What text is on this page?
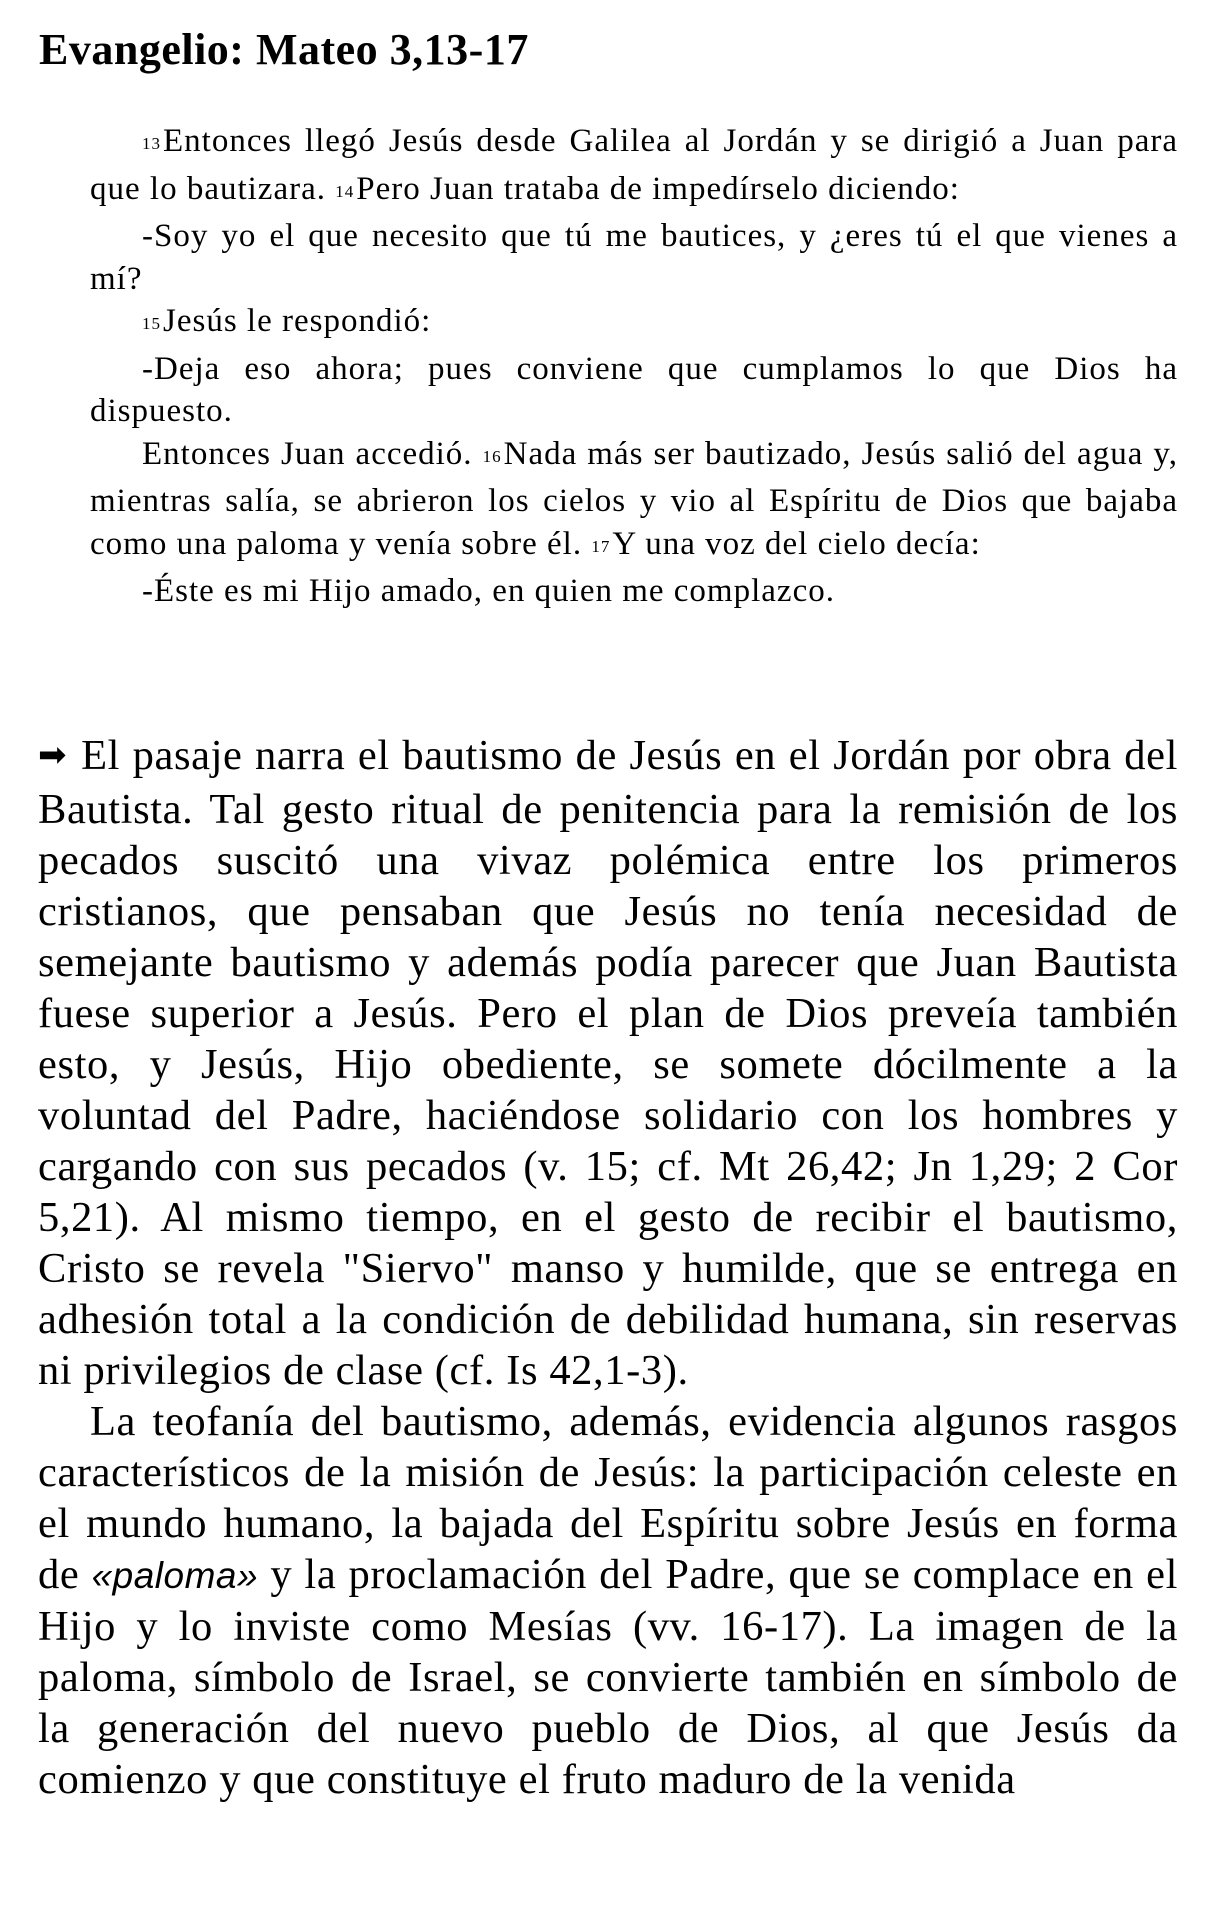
Evangelio: Mateo 3,13-17

$^{13}$Entonces llegó Jesús desde Galilea al Jordán y se dirigió a Juan para que lo bautizara. $^{14}$Pero Juan trataba de impedírselo diciendo:

-Soy yo el que necesito que tú me bautices, y ¿eres tú el que vienes a mí?

$^{15}$Jesús le respondió:

-Deja eso ahora; pues conviene que cumplamos lo que Dios ha dispuesto.

Entonces Juan accedió. $^{16}$Nada más ser bautizado, Jesús salió del agua y, mientras salía, se abrieron los cielos y vio al Espíritu de Dios que bajaba como una paloma y venía sobre él. $^{17}$Y una voz del cielo decía:

-Éste es mi Hijo amado, en quien me complazco.

➡ El pasaje narra el bautismo de Jesús en el Jordán por obra del Bautista. Tal gesto ritual de penitencia para la remisión de los pecados suscitó una vivaz polémica entre los primeros cristianos, que pensaban que Jesús no tenía necesidad de semejante bautismo y además podía parecer que Juan Bautista fuese superior a Jesús. Pero el plan de Dios preveía también esto, y Jesús, Hijo obediente, se somete dócilmente a la voluntad del Padre, haciéndose solidario con los hombres y cargando con sus pecados (v. 15; cf. Mt 26,42; Jn 1,29; 2 Cor 5,21). Al mismo tiempo, en el gesto de recibir el bautismo, Cristo se revela "Siervo" manso y humilde, que se entrega en adhesión total a la condición de debilidad humana, sin reservas ni privilegios de clase (cf. Is 42,1-3).

La teofanía del bautismo, además, evidencia algunos rasgos característicos de la misión de Jesús: la participación celeste en el mundo humano, la bajada del Espíritu sobre Jesús en forma de «paloma» y la proclamación del Padre, que se complace en el Hijo y lo inviste como Mesías (vv. 16-17). La imagen de la paloma, símbolo de Israel, se convierte también en símbolo de la generación del nuevo pueblo de Dios, al que Jesús da comienzo y que constituye el fruto maduro de la venida
